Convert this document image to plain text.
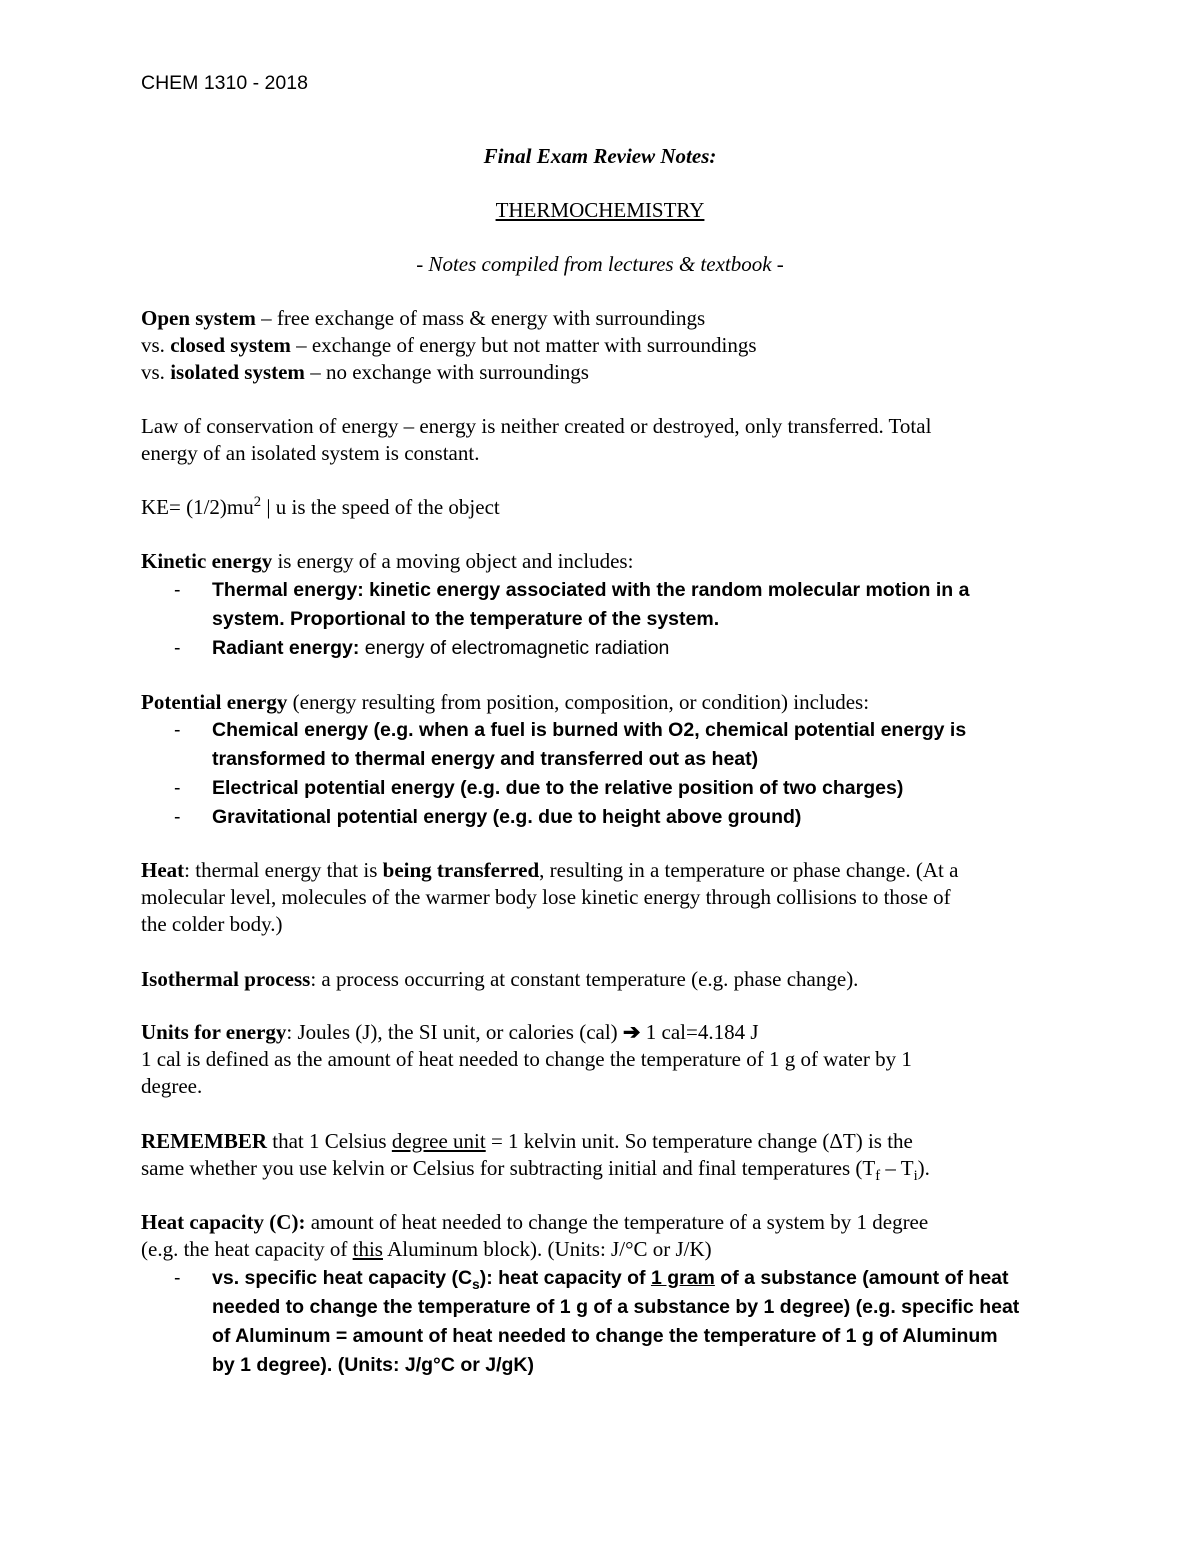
CHEM 1310 - 2018
Final Exam Review Notes:
THERMOCHEMISTRY
- Notes compiled from lectures & textbook -
Open system – free exchange of mass & energy with surroundings
vs. closed system – exchange of energy but not matter with surroundings
vs. isolated system – no exchange with surroundings
Law of conservation of energy – energy is neither created or destroyed, only transferred. Total
energy of an isolated system is constant.
$KE= (1/2)mu^2$ | u is the speed of the object
Kinetic energy is energy of a moving object and includes:
- Thermal energy: kinetic energy associated with the random molecular motion in a
system. Proportional to the temperature of the system.
- Radiant energy: energy of electromagnetic radiation
Potential energy (energy resulting from position, composition, or condition) includes:
- Chemical energy (e.g. when a fuel is burned with O2, chemical potential energy is
transformed to thermal energy and transferred out as heat)
- Electrical potential energy (e.g. due to the relative position of two charges)
- Gravitational potential energy (e.g. due to height above ground)
Heat: thermal energy that is being transferred, resulting in a temperature or phase change. (At a
molecular level, molecules of the warmer body lose kinetic energy through collisions to those of
the colder body.)
Isothermal process: a process occurring at constant temperature (e.g. phase change).
Units for energy: Joules (J), the SI unit, or calories (cal) ➔ 1 cal=4.184 J
1 cal is defined as the amount of heat needed to change the temperature of 1 g of water by 1
degree.
REMEMBER that 1 Celsius degree unit = 1 kelvin unit. So temperature change (ΔT) is the
same whether you use kelvin or Celsius for subtracting initial and final temperatures $(T_f - T_i)$.
Heat capacity (C): amount of heat needed to change the temperature of a system by 1 degree
(e.g. the heat capacity of this Aluminum block). (Units: J/°C or J/K)
- vs. specific heat capacity $(C_s)$: heat capacity of 1 gram of a substance (amount of heat
needed to change the temperature of 1 g of a substance by 1 degree) (e.g. specific heat
of Aluminum = amount of heat needed to change the temperature of 1 g of Aluminum
by 1 degree). (Units: J/g°C or J/gK)
